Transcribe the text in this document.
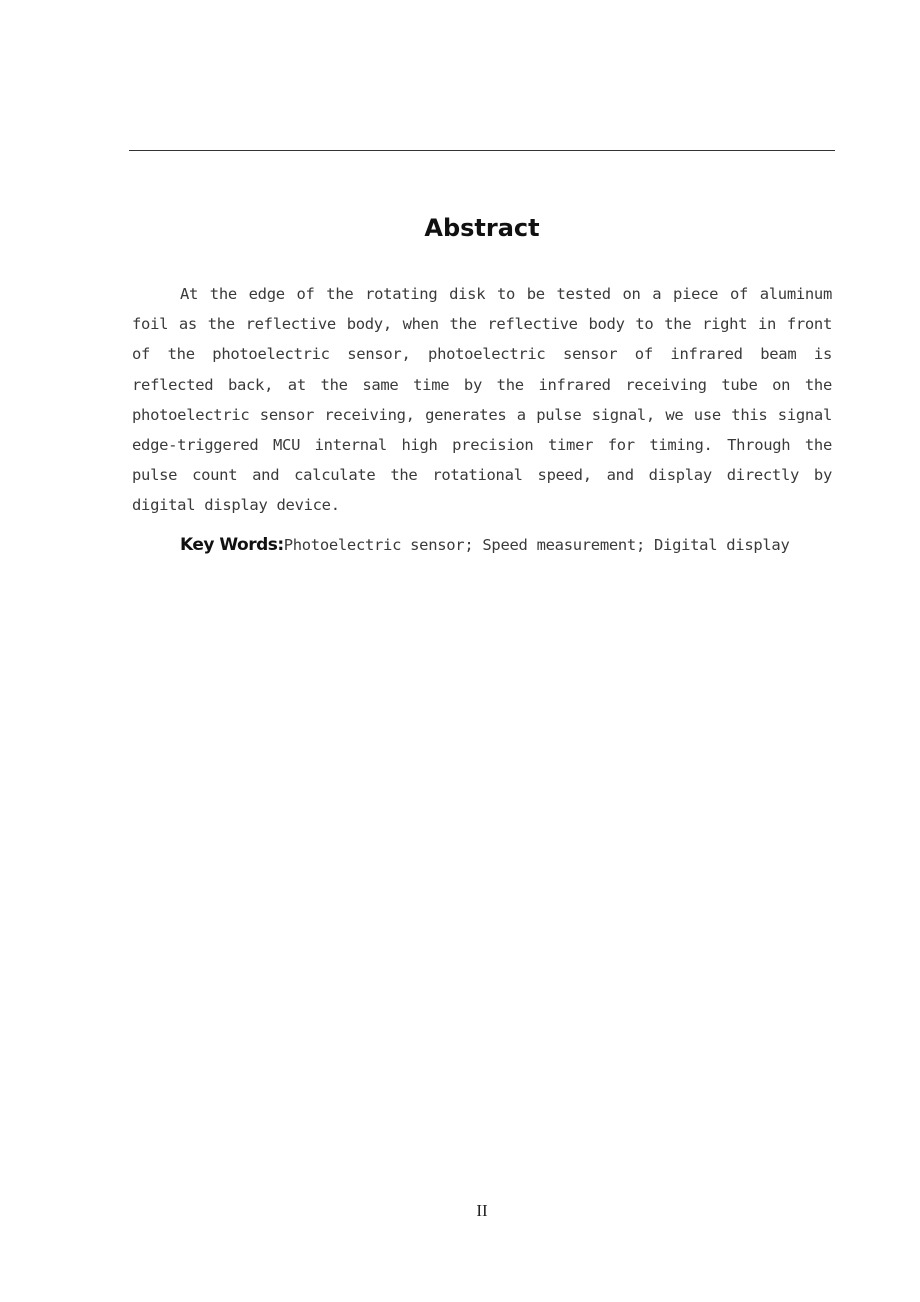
Abstract

At the edge of the rotating disk to be tested on a piece of aluminum foil as the reflective body, when the reflective body to the right in front of the photoelectric sensor, photoelectric sensor of infrared beam is reflected back, at the same time by the infrared receiving tube on the photoelectric sensor receiving, generates a pulse signal, we use this signal edge-triggered MCU internal high precision timer for timing. Through the pulse count and calculate the rotational speed, and display directly by digital display device.

Key Words:Photoelectric sensor; Speed measurement; Digital display

II
